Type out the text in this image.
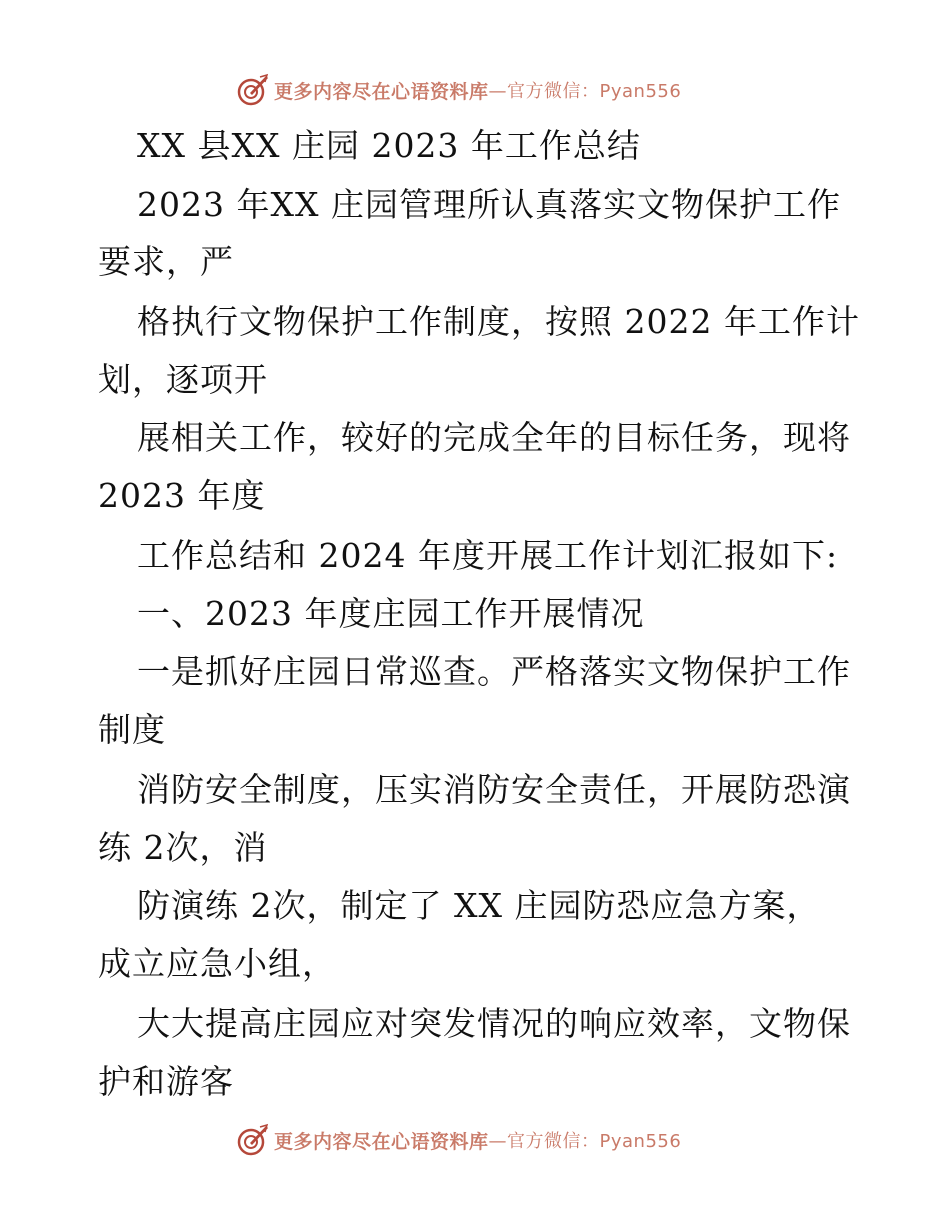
更多内容尽在心语资料库 —官方微信：Pyan556
XX 县XX 庄园 2023 年工作总结
2023 年XX 庄园管理所认真落实文物保护工作
要求，严
格执行文物保护工作制度，按照 2022 年工作计
划，逐项开
展相关工作，较好的完成全年的目标任务，现将
2023 年度
工作总结和 2024 年度开展工作计划汇报如下:
一、2023 年度庄园工作开展情况
一是抓好庄园日常巡查。严格落实文物保护工作
制度
消防安全制度，压实消防安全责任，开展防恐演
练 2次，消
防演练 2次，制定了 XX 庄园防恐应急方案，
成立应急小组，
大大提高庄园应对突发情况的响应效率，文物保
护和游客
更多内容尽在心语资料库 —官方微信：Pyan556
